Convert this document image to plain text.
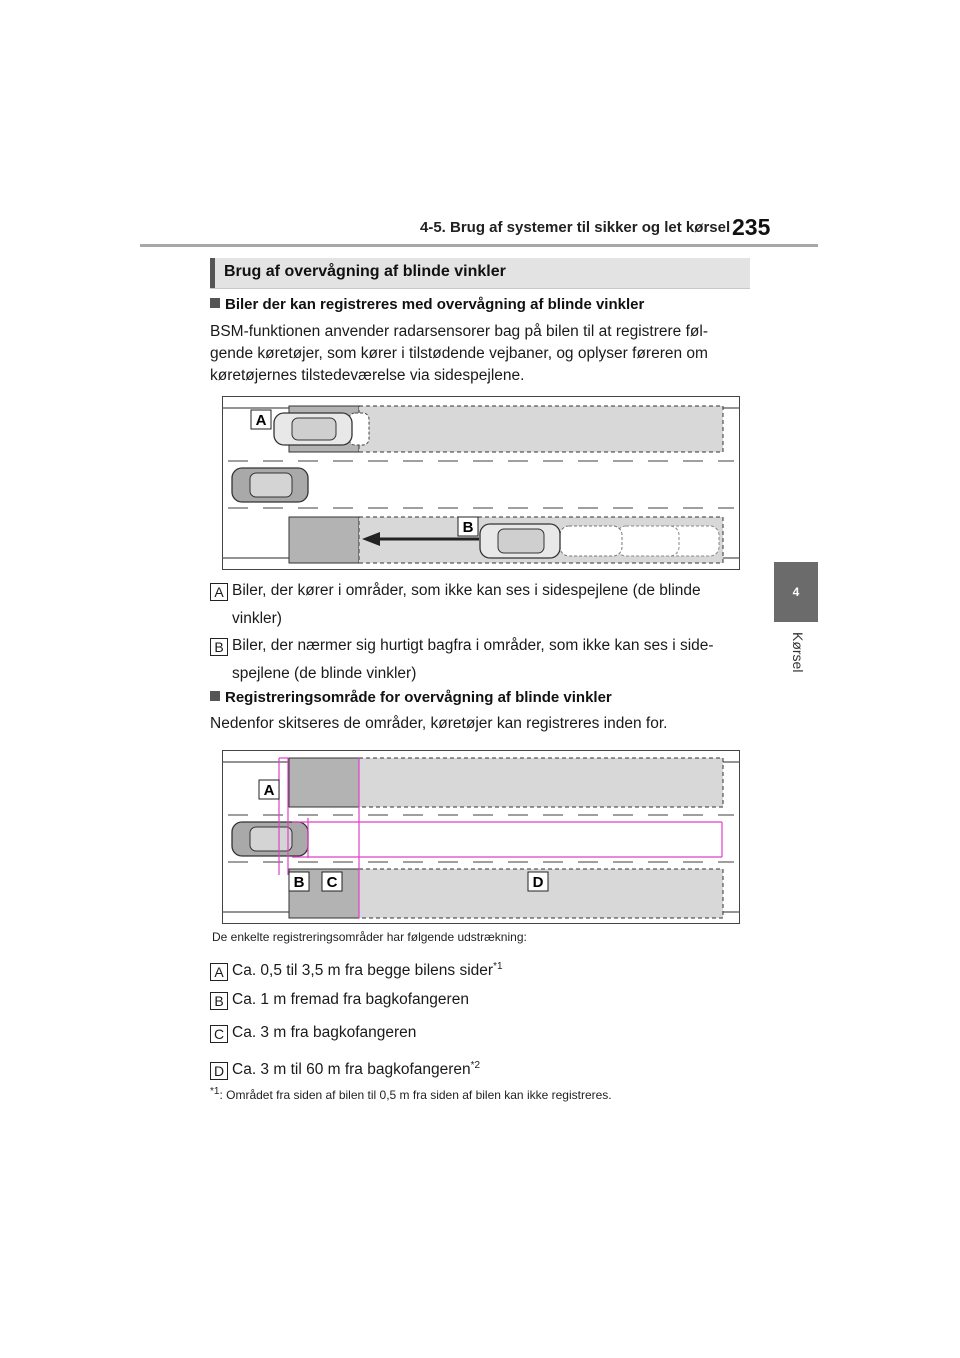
4-5. Brug af systemer til sikker og let kørsel 235
4
Kørsel
Brug af overvågning af blinde vinkler
Biler der kan registreres med overvågning af blinde vinkler
BSM-funktionen anvender radarsensorer bag på bilen til at registrere føl-
gende køretøjer, som kører i tilstødende vejbaner, og oplyser føreren om
køretøjernes tilstedeværelse via sidespejlene.
A
B
A Biler, der kører i områder, som ikke kan ses i sidespejlene (de blinde
vinkler)
B Biler, der nærmer sig hurtigt bagfra i områder, som ikke kan ses i side-
spejlene (de blinde vinkler)
Registreringsområde for overvågning af blinde vinkler
Nedenfor skitseres de områder, køretøjer kan registreres inden for.
A
B C	D
De enkelte registreringsområder har følgende udstrækning:
A Ca. 0,5 til 3,5 m fra begge bilens sider$^{*1}$
B Ca. 1 m fremad fra bagkofangeren
C Ca. 3 m fra bagkofangeren
D Ca. 3 m til 60 m fra bagkofangeren$^{*2}$
$^{*1}$: Området fra siden af bilen til 0,5 m fra siden af bilen kan ikke registreres.
